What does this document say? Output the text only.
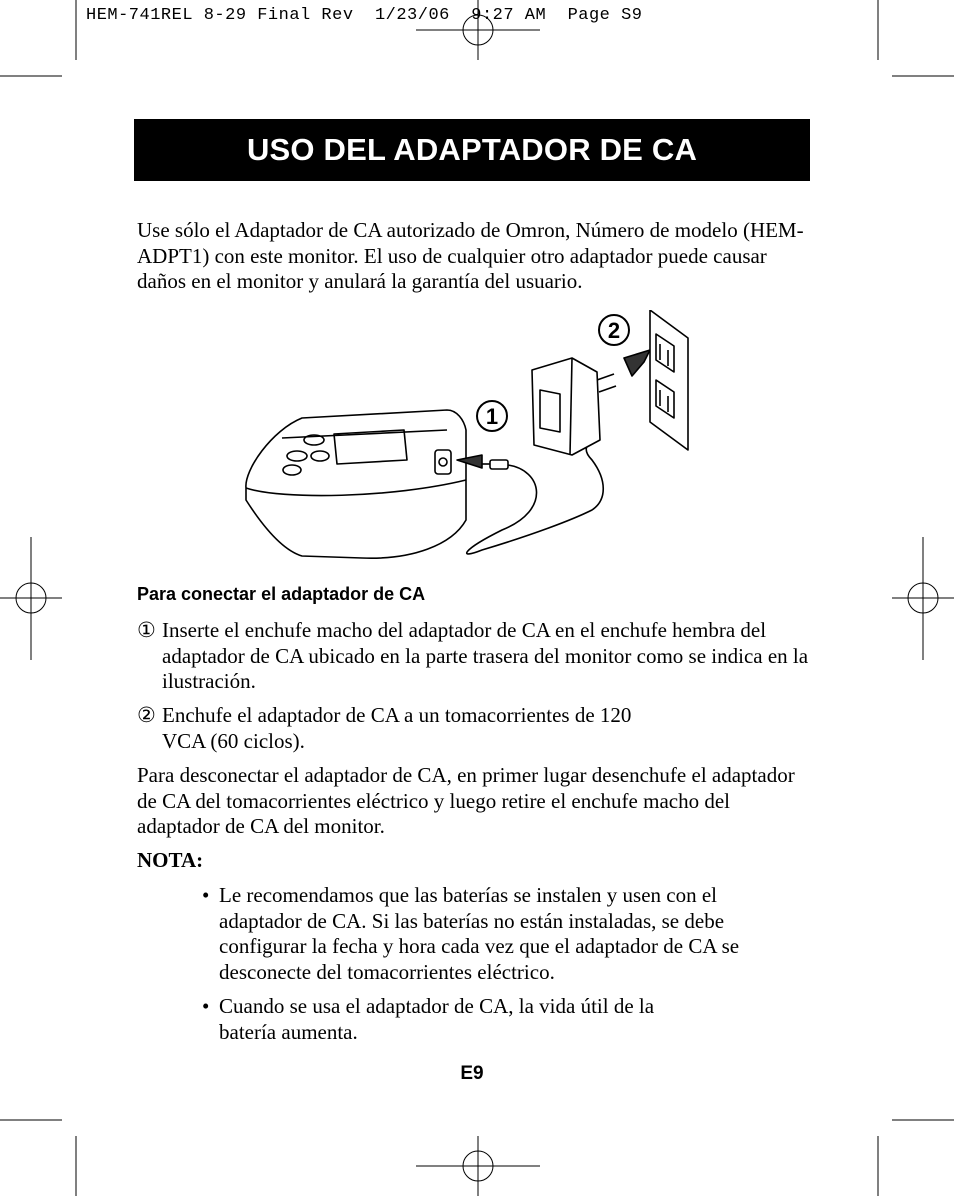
HEM-741REL 8-29 Final Rev  1/23/06  9:27 AM  Page S9
USO DEL ADAPTADOR DE CA
Use sólo el Adaptador de CA autorizado de Omron, Número de modelo (HEM-ADPT1) con este monitor. El uso de cualquier otro adaptador puede causar daños en el monitor y anulará la garantía del usuario.
1
2
Para conectar el adaptador de CA
① Inserte el enchufe macho del adaptador de CA en el enchufe hembra del adaptador de CA ubicado en la parte trasera del monitor como se indica en la ilustración.
② Enchufe el adaptador de CA a un tomacorrientes de 120 VCA (60 ciclos).
Para desconectar el adaptador de CA, en primer lugar desenchufe el adaptador de CA del tomacorrientes eléctrico y luego retire el enchufe macho del adaptador de CA del monitor.
NOTA:
• Le recomendamos que las baterías se instalen y usen con el adaptador de CA. Si las baterías no están instaladas, se debe configurar la fecha y hora cada vez que el adaptador de CA se desconecte del tomacorrientes eléctrico.
• Cuando se usa el adaptador de CA, la vida útil de la batería aumenta.
E9
